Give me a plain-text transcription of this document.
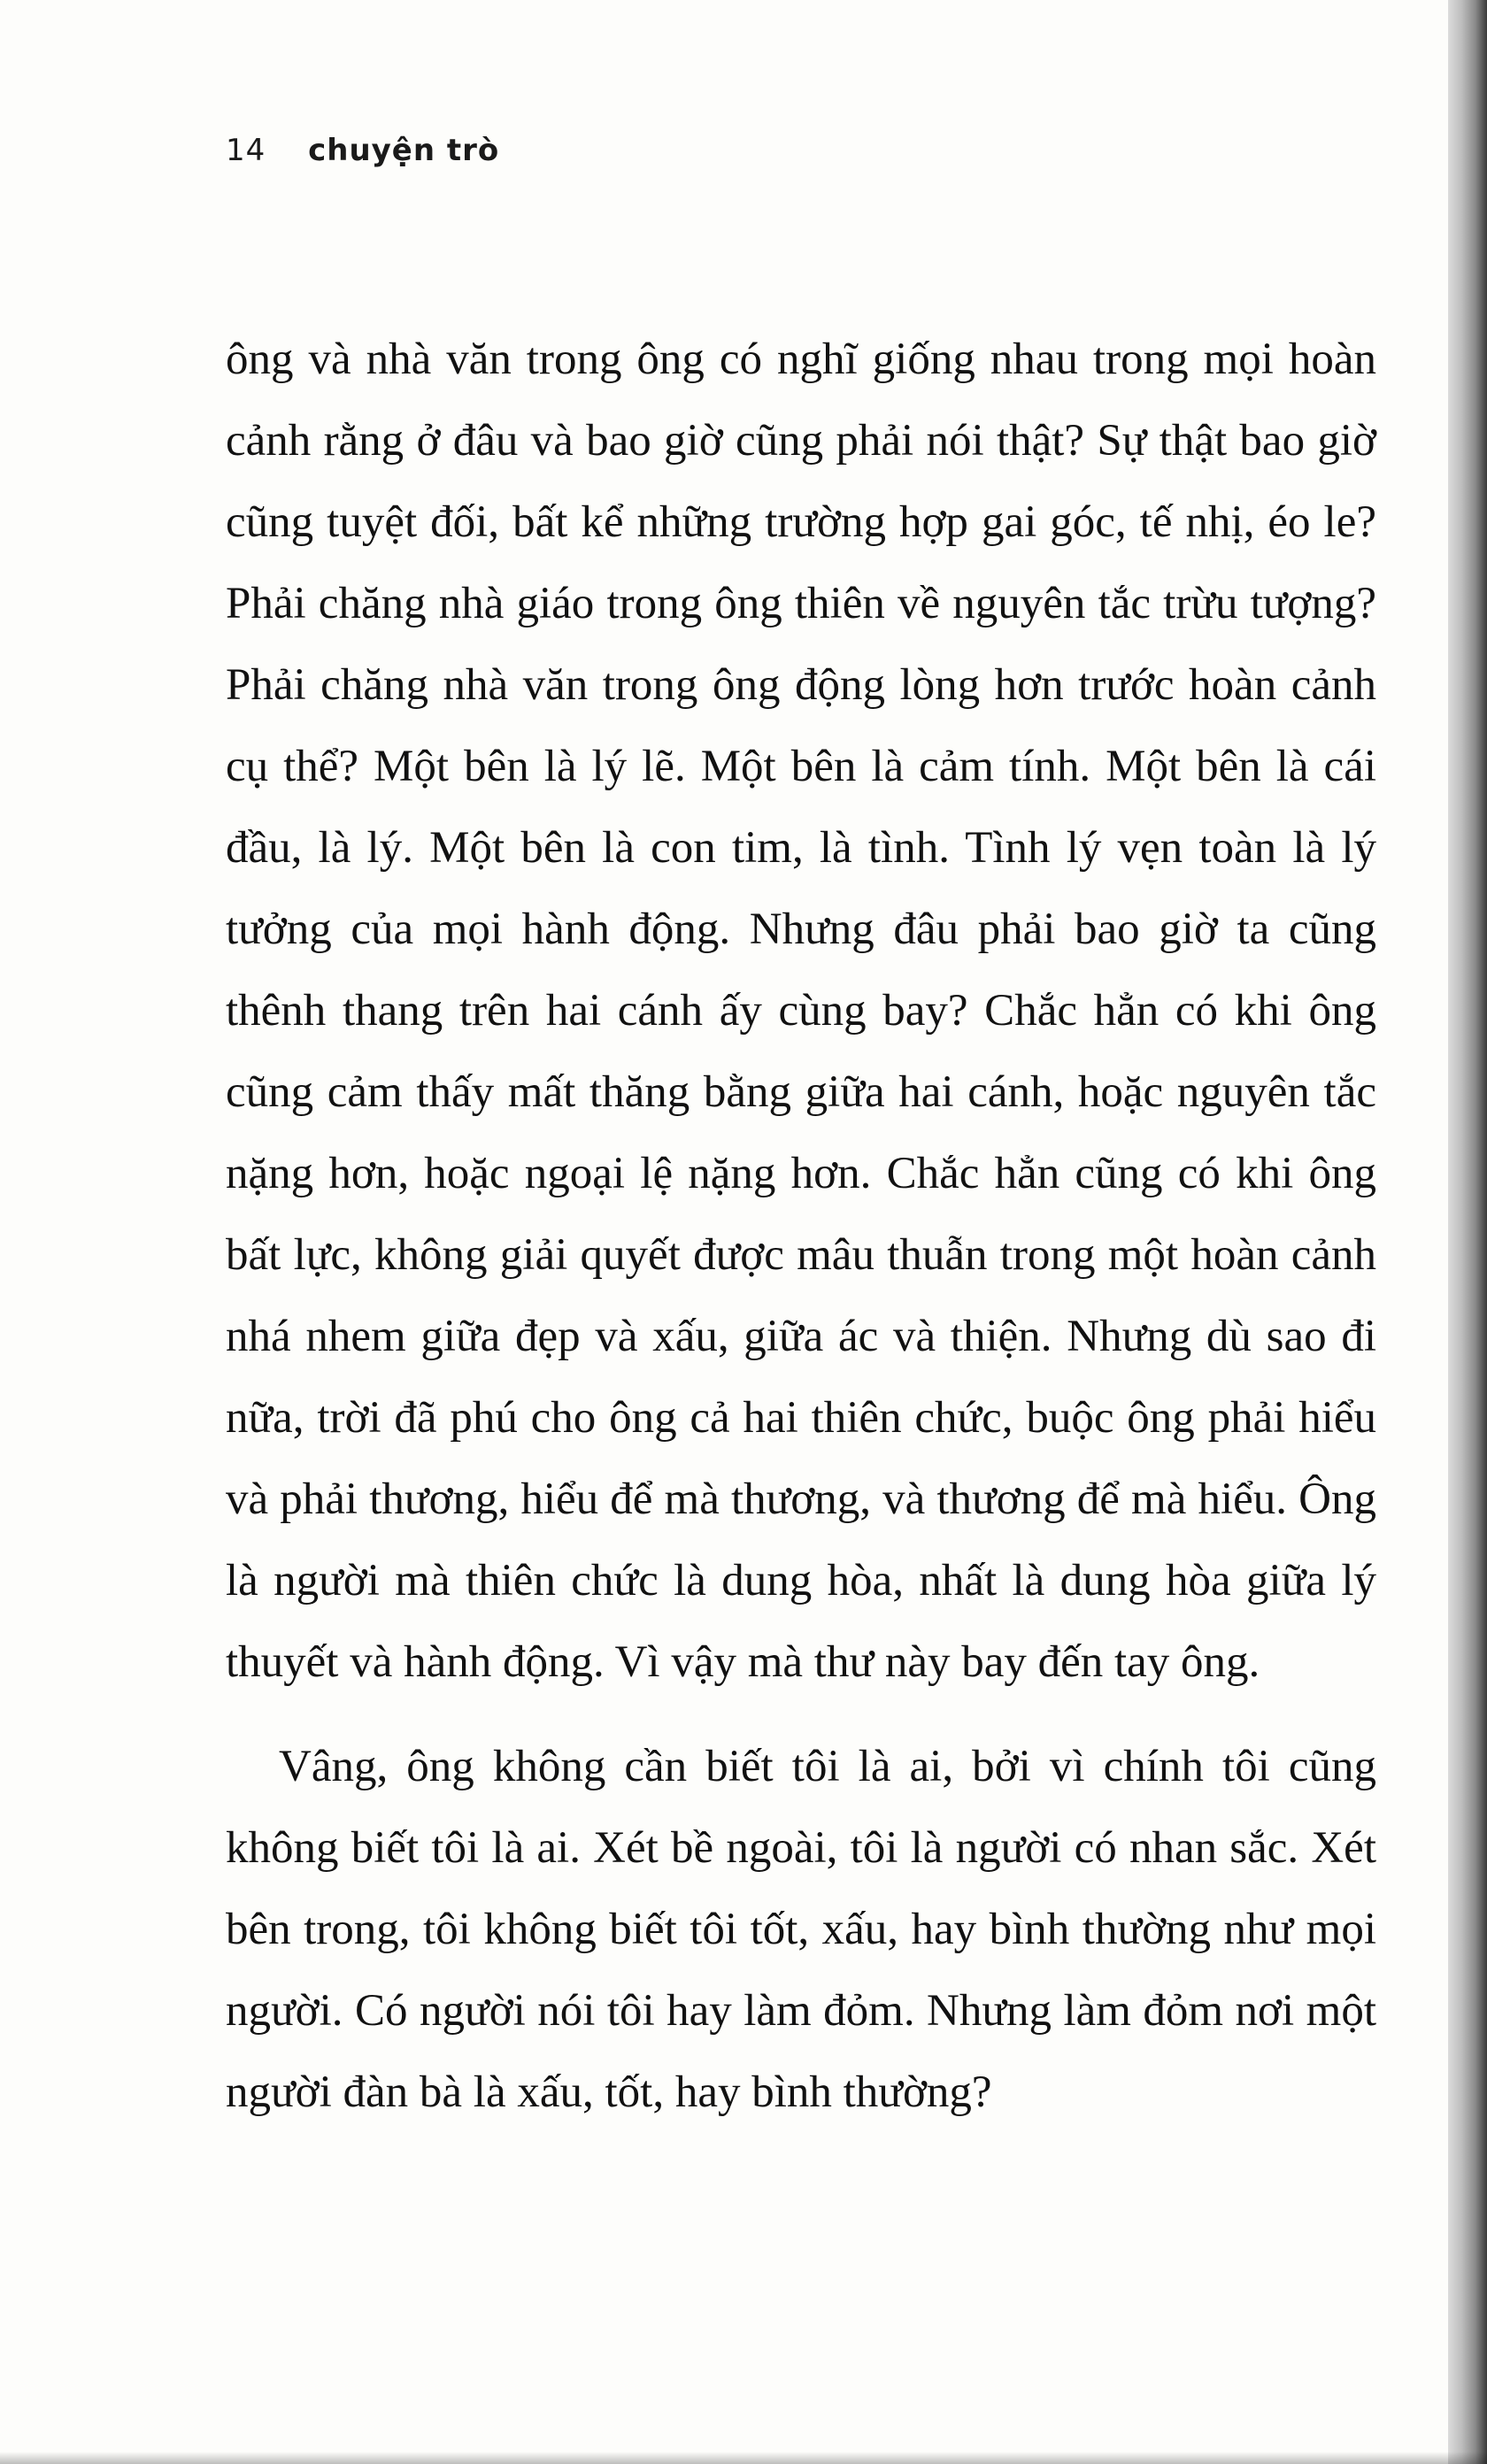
14 chuyện trò

ông và nhà văn trong ông có nghĩ giống nhau trong mọi hoàn cảnh rằng ở đâu và bao giờ cũng phải nói thật? Sự thật bao giờ cũng tuyệt đối, bất kể những trường hợp gai góc, tế nhị, éo le? Phải chăng nhà giáo trong ông thiên về nguyên tắc trừu tượng? Phải chăng nhà văn trong ông động lòng hơn trước hoàn cảnh cụ thể? Một bên là lý lẽ. Một bên là cảm tính. Một bên là cái đầu, là lý. Một bên là con tim, là tình. Tình lý vẹn toàn là lý tưởng của mọi hành động. Nhưng đâu phải bao giờ ta cũng thênh thang trên hai cánh ấy cùng bay? Chắc hẳn có khi ông cũng cảm thấy mất thăng bằng giữa hai cánh, hoặc nguyên tắc nặng hơn, hoặc ngoại lệ nặng hơn. Chắc hẳn cũng có khi ông bất lực, không giải quyết được mâu thuẫn trong một hoàn cảnh nhá nhem giữa đẹp và xấu, giữa ác và thiện. Nhưng dù sao đi nữa, trời đã phú cho ông cả hai thiên chức, buộc ông phải hiểu và phải thương, hiểu để mà thương, và thương để mà hiểu. Ông là người mà thiên chức là dung hòa, nhất là dung hòa giữa lý thuyết và hành động. Vì vậy mà thư này bay đến tay ông.

Vâng, ông không cần biết tôi là ai, bởi vì chính tôi cũng không biết tôi là ai. Xét bề ngoài, tôi là người có nhan sắc. Xét bên trong, tôi không biết tôi tốt, xấu, hay bình thường như mọi người. Có người nói tôi hay làm đỏm. Nhưng làm đỏm nơi một người đàn bà là xấu, tốt, hay bình thường?
